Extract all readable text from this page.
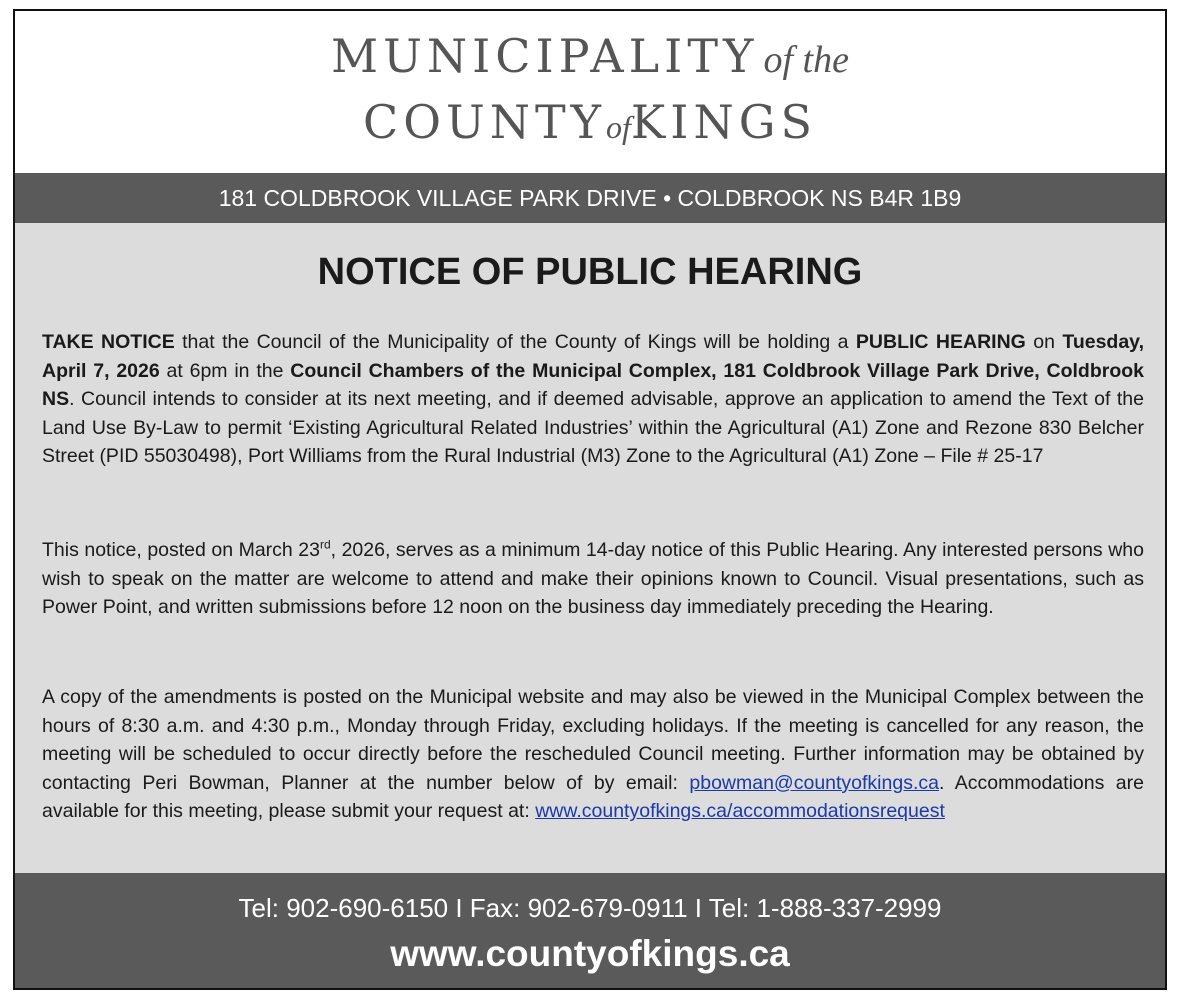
MUNICIPALITY of the
COUNTYofKINGS
181 COLDBROOK VILLAGE PARK DRIVE • COLDBROOK NS B4R 1B9
NOTICE OF PUBLIC HEARING

TAKE NOTICE that the Council of the Municipality of the County of Kings will be holding a PUBLIC HEARING on Tuesday, April 7, 2026 at 6pm in the Council Chambers of the Municipal Complex, 181 Coldbrook Village Park Drive, Coldbrook NS. Council intends to consider at its next meeting, and if deemed advisable, approve an application to amend the Text of the Land Use By-Law to permit ‘Existing Agricultural Related Industries’ within the Agricultural (A1) Zone and Rezone 830 Belcher Street (PID 55030498), Port Williams from the Rural Industrial (M3) Zone to the Agricultural (A1) Zone – File # 25-17

This notice, posted on March 23rd, 2026, serves as a minimum 14-day notice of this Public Hearing. Any interested persons who wish to speak on the matter are welcome to attend and make their opinions known to Council. Visual presentations, such as Power Point, and written submissions before 12 noon on the business day immediately preceding the Hearing.

A copy of the amendments is posted on the Municipal website and may also be viewed in the Municipal Complex between the hours of 8:30 a.m. and 4:30 p.m., Monday through Friday, excluding holidays. If the meeting is cancelled for any reason, the meeting will be scheduled to occur directly before the rescheduled Council meeting. Further information may be obtained by contacting Peri Bowman, Planner at the number below of by email: pbowman@countyofkings.ca. Accommodations are available for this meeting, please submit your request at: www.countyofkings.ca/accommodationsrequest

Tel: 902-690-6150 I Fax: 902-679-0911 I Tel: 1-888-337-2999
www.countyofkings.ca
